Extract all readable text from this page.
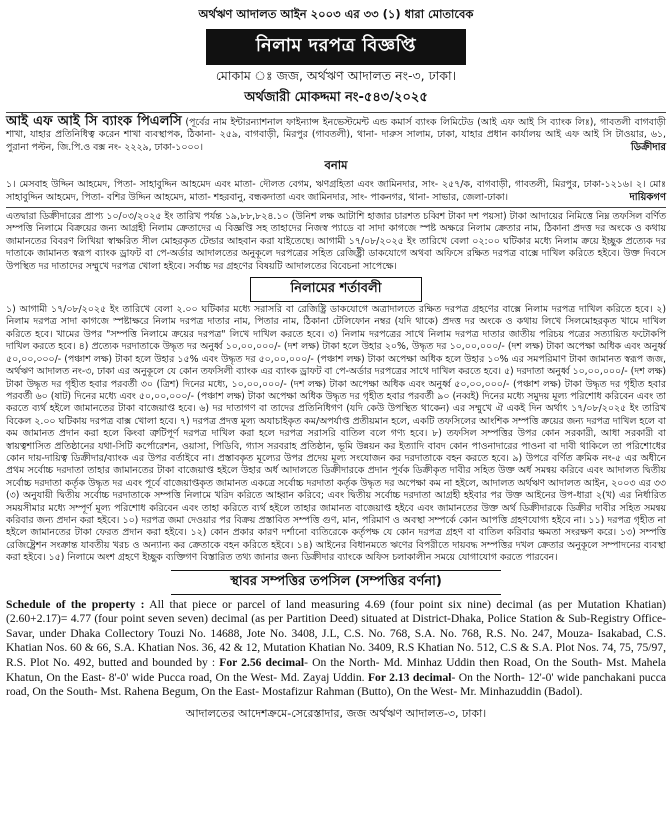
অর্থঋণ আদালত আইন ২০০৩ এর ৩৩ (১) ধারা মোতাবেক
নিলাম দরপত্র বিজ্ঞপ্তি
মোকাম ঃ জজ, অর্থঋণ আদালত নং-৩, ঢাকা।
অর্থজারী মোকদ্দমা নং-৫৪৩/২০২৫

আই এফ আই সি ব্যাংক পিএলসি (পূর্বের নাম ইন্টারন্যাশনাল ফাইন্যান্স ইনভেস্টমেন্ট এন্ড কমার্স ব্যাংক লিমিটেড (আই এফ আই সি ব্যাংক লিঃ), গাবতলী বাগবাড়ী শাখা, যাহার প্রতিনিধিত্ব করেন শাখা ব্যবস্থাপক, ঠিকানা- ২৫৯, বাগবাড়ী, মিরপুর (গাবতলী), থানা- দারুস সালাম, ঢাকা, যাহার প্রধান কার্যালয় আই এফ আই সি টাওয়ার, ৬১, পুরানা পল্টন, জি.পি.ও বক্স নং- ২২২৯, ঢাকা-১০০০।	ডিক্রীদার

বনাম

১। মেসবাহ উদ্দিন আহমেদ, পিতা- সাহাবুদ্দিন আহমেদ এবং মাতা- দৌলত বেগম, ঋণগ্রহিতা এবং জামিনদার, সাং- ২৫৭/ক, বাগবাড়ী, গাবতলী, মিরপুর, ঢাকা-১২১৬। ২। মোঃ সাহাবুদ্দিন আহমেদ, পিতা- বশির উদ্দিন আহমেদ, মাতা- শহরবানু, বন্ধকদাতা এবং জামিনদার, সাং- পাকনগর, থানা- সাভার, জেলা-ঢাকা।	দায়িকগণ

এতদ্বারা ডিক্রীদারের প্রাপ্য ১০/০৩/২০২৫ ইং তারিখ পর্যন্ত ১৯,৮৮,৮২৪.১০ (উনিশ লক্ষ আটাশি হাজার চারশত চব্বিশ টাকা দশ পয়সা) টাকা আদায়ের নিমিত্তে নিম্ন তফসিল বর্ণিত সম্পত্তি নিলামে বিক্রয়ের জন্য আগ্রহী নিলাম ক্রেতাদের এ বিজ্ঞপ্তি সহ তাহাদের নিজস্ব প্যাডে বা সাদা কাগজে স্পষ্ট অক্ষরে নিলাম ক্রেতার নাম, ঠিকানা প্রদত্ত দর অংকে ও কথায় জামানতের বিবরণ লিখিয়া স্বাক্ষরিত সীল মোহরকৃত টেন্ডার আহবান করা যাইতেছে। আগামী ১৭/০৮/২০২৫ ইং তারিখে বেলা ০২:০০ ঘটিকার মধ্যে নিলাম ক্রয়ে ইচ্ছুক প্রত্যেক দর দাতাকে জামানত স্বরূপ ব্যাংক ড্রাফট বা পে-অর্ডার আদালতের অনুকূলে দরপত্রের সহিত রেজিষ্ট্রী ডাকযোগে অথবা অফিসে রক্ষিত দরপত্র বাক্সে দাখিল করিতে হইবে। উক্ত দিবসে উপস্থিত দর দাতাদের সম্মুখে দরপত্র খোলা হইবে। সর্বাচ্চ দর গ্রহণের বিষয়টি আদালতের বিবেচনা সাপেক্ষে।

নিলামের শর্তাবলী

১) আগামী ১৭/০৮/২০২৫ ইং তারিখে বেলা ২.০০ ঘটিকার মধ্যে সরাসরি বা রেজিষ্ট্রি ডাকযোগে অত্রাদালতে রক্ষিত দরপত্র গ্রহণের বাক্সে নিলাম দরপত্র দাখিল করিতে হবে। ২) নিলাম দরপত্র সাদা কাগজে স্পষ্টাক্ষরে নিলাম দরপত্র দাতার নাম, পিতার নাম, ঠিকানা টেলিফোন নম্বর (যদি থাকে) প্রদত্ত দর অংকে ও কথায় লিখে সিলমোহরকৃত খামে দাখিল করিতে হবে। খামের উপর "সম্পত্তি নিলামে ক্রয়ের দরপত্র" লিখে দাখিল করতে হবে। ৩) নিলাম দরপত্রের সাথে নিলাম দরপত্র দাতার জাতীয় পরিচয় পত্রের সত্যায়িত ফটোকপি দাখিল করতে হবে। ৪) প্রত্যেক দরদাতাকে উদ্ধৃত দর অনুর্ধ্ব ১০,০০,০০০/- (দশ লক্ষ) টাকা হলে উহার ২০%, উদ্ধৃত দর ১০,০০,০০০/- (দশ লক্ষ) টাকা অপেক্ষা অধিক এবং অনুর্ধ্ব ৫০,০০,০০০/- (পঞ্চাশ লক্ষ) টাকা হলে উহার ১৫% এবং উদ্ধৃত দর ৫০,০০,০০০/- (পঞ্চাশ লক্ষ) টাকা অপেক্ষা অধিক হলে উহার ১০% এর সমপরিমাণ টাকা জামানত স্বরূপ জজ, অর্থঋণ আদালত নং-৩, ঢাকা এর অনুকূলে যে কোন তফসিলী ব্যাংক এর ব্যাংক ড্রাফট বা পে-অর্ডার দরপত্রের সাথে দাখিল করতে হবে। ৫) দরদাতা অনুর্ধ্ব ১০,০০,০০০/- (দশ লক্ষ) টাকা উদ্ধৃত দর গৃহীত হবার পরবর্তী ৩০ (ত্রিশ) দিনের মধ্যে, ১০,০০,০০০/- (দশ লক্ষ) টাকা অপেক্ষা অধিক এবং অনুর্ধ্ব ৫০,০০,০০০/- (পঞ্চাশ লক্ষ) টাকা উদ্ধৃত দর গৃহীত হবার পরবর্তী ৬০ (ষাট) দিনের মধ্যে এবং ৫০,০০,০০০/- (পঞ্চাশ লক্ষ) টাকা অপেক্ষা অধিক উদ্ধৃত দর গৃহীত হবার পরবর্তী ৯০ (নব্বই) দিনের মধ্যে সমুদয় মূল্য পরিশোধ করিবেন এবং তা করতে ব্যর্থ হইলে জামানতের টাকা বাজেয়াপ্ত হবে। ৬) দর দাতাগণ বা তাদের প্রতিনিধিগণ (যদি কেউ উপস্থিত থাকেন) এর সম্মুখে ঐ একই দিন অর্থাৎ ১৭/০৮/২০২৫ ইং তারিখ বিকেল ২.০০ ঘটিকায় দরপত্র বাক্স খোলা হবে। ৭) দরপত্র প্রদত্ত মূল্য অযাচাইকৃত কম/অপর্যাপ্ত প্রতীয়মান হলে, একটি তফসিলের আংশিক সম্পত্তি ক্রয়ের জন্য দরপত্র দাখিল হলে বা কম জামানত প্রদান করা হলে কিংবা ত্রুটিপূর্ণ দরপত্র দাখিল করা হলে দরপত্র সরাসরি বাতিল বলে গণ্য হবে। ৮) তফসিল সম্পত্তির উপর কোন সরকারী, আধা সরকারী বা স্বায়ত্বশাসিত প্রতিষ্ঠানের যথা-সিটি কর্পোরেশন, ওয়াসা, পিডিবি, গ্যাস সরবরাহ প্রতিষ্ঠান, ভূমি উন্নয়ন কর ইত্যাদি বাবদ কোন পাওনাদারের পাওনা বা দাবী থাকিলে তা পরিশোধের কোন দায়-দায়িত্ব ডিক্রীদার/ব্যাংক এর উপর বর্তাইবে না। প্রস্তাবকৃত মূল্যের উপর প্রদেয় মূল্য সংযোজন কর দরদাতাকে বহন করতে হবে। ৯) উপরে বর্ণিত ক্রমিক নং-৫ এর অধীনে প্রথম সর্বোচ্চ দরদাতা তাহার জামানতের টাকা বাজেয়াপ্ত হইলে উহার অর্ধ আদালতে ডিক্রীদারকে প্রদান পূর্বক ডিক্রীকৃত দাবীর সহিত উক্ত অর্ধ সমন্বয় করিবে এবং আদালত দ্বিতীয় সর্বোচ্চ দরদাতা কর্তৃক উদ্ধৃত দর এবং পূর্বে বাজেয়াপ্তকৃত জামানত একত্রে সর্বোচ্চ দরদাতা কর্তৃক উদ্ধৃত দর অপেক্ষা কম না হইলে, আদালত অর্থঋণ আদালত আইন, ২০০৩ এর ৩৩ (৩) অনুযায়ী দ্বিতীয় সর্বোচ্চ দরদাতাকে সম্পত্তি নিলামে খরিদ করিতে আহ্বান করিবে; এবং দ্বিতীয় সর্বোচ্চ দরদাতা আগ্রহী হইবার পর উক্ত আইনের উপ-ধারা ২(খ) এর নির্ধারিত সময়সীমার মধ্যে সম্পূর্ণ মূল্য পরিশোধ করিবেন এবং তাহা করিতে ব্যর্থ হইলে তাহার জামানত বাজেয়াপ্ত হইবে এবং জামানতের উক্ত অর্থ ডিক্রীদারকে ডিক্রীর দাবীর সহিত সমন্বয় করিবার জন্য প্রদান করা হইবে। ১০) দরপত্র জমা দেওয়ার পর বিক্রয় প্রস্তাবিত সম্পত্তি গুণ, মান, পরিমাণ ও অবস্থা সম্পর্কে কোন আপত্তি গ্রহণযোগ্য হইবে না। ১১) দরপত্র গৃহীত না হইলে জামানতের টাকা ফেরত প্রদান করা হইবে। ১২) কোন প্রকার কারণ দর্শানো ব্যতিরেকে কর্তৃপক্ষ যে কোন দরপত্র গ্রহণ বা বাতিল করিবার ক্ষমতা সংরক্ষণ করে। ১৩) সম্পত্তি রেজিষ্ট্রেশন সংক্রান্ত যাবতীয় খরচ ও অন্যান্য কর ক্রেতাকে বহন করিতে হইবে। ১৪) আইনের বিধানমতে ঋণের বিপরীতে দায়বদ্ধ সম্পত্তির দখল ক্রেতার অনুকূলে সম্পাদনের ব্যবস্থা করা হইবে। ১৫) নিলামে অংশ গ্রহণে ইচ্ছুক ব্যক্তিগণ বিস্তারিত তথ্য জানার জন্য ডিক্রীদার ব্যাংকে অফিস চলাকালীন সময়ে যোগাযোগ করতে পারবেন।

স্থাবর সম্পত্তির তপসিল (সম্পত্তির বর্ণনা)
Schedule of the property : All that piece or parcel of land measuring 4.69 (four point six nine) decimal (as per Mutation Khatian) (2.60+2.17)= 4.77 (four point seven seven) decimal (as per Partition Deed) situated at District-Dhaka, Police Station & Sub-Registry Office- Savar, under Dhaka Collectory Touzi No. 14688, Jote No. 3408, J.L, C.S. No. 768, S.A. No. 768, R.S. No. 247, Mouza- Isakabad, C.S. Khatian Nos. 60 & 66, S.A. Khatian Nos. 36, 42 & 12, Mutation Khatian No. 3409, R.S Khatian No. 512, C.S & S.A. Plot Nos. 74, 75, 75/97, R.S. Plot No. 492, butted and bounded by : For 2.56 decimal- On the North- Md. Minhaz Uddin then Road, On the South- Mst. Mahela Khatun, On the East- 8'-0' wide Pucca road, On the West- Md. Zayaj Uddin. For 2.13 decimal- On the North- 12'-0' wide panchakani pucca road, On the South- Mst. Rahena Begum, On the East- Mostafizur Rahman (Butto), On the West- Mr. Minhazuddin (Badol).
আদালতের আদেশক্রমে-সেরেস্তাদার, জজ অর্থঋণ আদালত-৩, ঢাকা।
